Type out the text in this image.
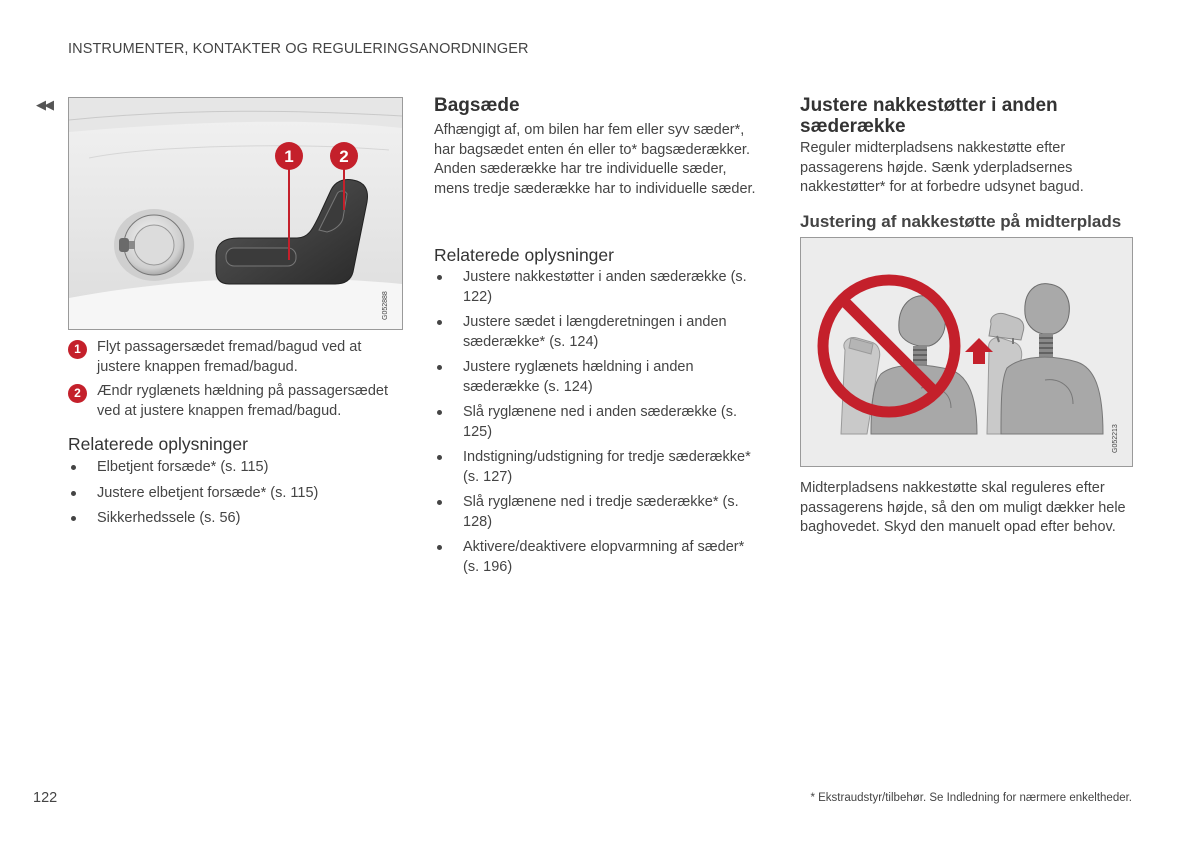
INSTRUMENTER, KONTAKTER OG REGULERINGSANORDNINGER
◀◀
1	2
G052888
1	Flyt passagersædet fremad/bagud ved at justere knappen fremad/bagud.
2	Ændr ryglænets hældning på passagersædet ved at justere knappen fremad/bagud.
Relaterede oplysninger
Elbetjent forsæde* (s. 115)
Justere elbetjent forsæde* (s. 115)
Sikkerhedssele (s. 56)
Bagsæde
Afhængigt af, om bilen har fem eller syv sæder*, har bagsædet enten én eller to* bagsæderækker. Anden sæderække har tre individuelle sæder, mens tredje sæderække har to individuelle sæder.
Relaterede oplysninger
Justere nakkestøtter i anden sæderække (s. 122)
Justere sædet i længderetningen i anden sæderække* (s. 124)
Justere ryglænets hældning i anden sæderække (s. 124)
Slå ryglænene ned i anden sæderække (s. 125)
Indstigning/udstigning for tredje sæderække* (s. 127)
Slå ryglænene ned i tredje sæderække* (s. 128)
Aktivere/deaktivere elopvarmning af sæder* (s. 196)
Justere nakkestøtter i anden sæderække
Reguler midterpladsens nakkestøtte efter passagerens højde. Sænk yderpladsernes nakkestøtter* for at forbedre udsynet bagud.
Justering af nakkestøtte på midterplads
G052213
Midterpladsens nakkestøtte skal reguleres efter passagerens højde, så den om muligt dækker hele baghovedet. Skyd den manuelt opad efter behov.
122	* Ekstraudstyr/tilbehør. Se Indledning for nærmere enkeltheder.
